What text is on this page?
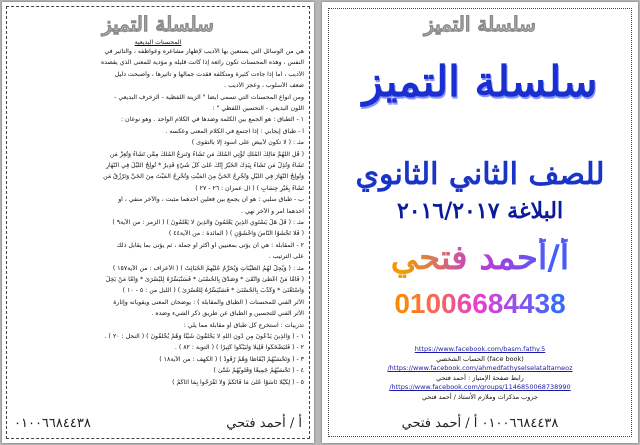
سلسلة التميز
المحسنات البديعية
هي من الوسائل التي يستعين بها الأديب لإظهار مشاعره وعواطفه ، والتأثير في
النفس ، وهذه المحسنات تكون رائعة إذا كانت قليلة و مؤدية للمعنى الذي يقصده
الأديب ، أما إذا جاءت كثيرة ومتكلفة فقدت جمالها و تأثيرها ، وأصبحت دليل
ضعف الأسلوب ، وعجز الأديب .
ومن أنواع المحسنات التي تسمى أيضاً " الزينة اللفظية - الزخرف البديعي -
اللون البديعي - التحسين اللفظي " :
١ - الطباق : هو الجمع بين الكلمة وضدها في الكلام الواحد . وهو نوعان :
أ - طباق إيجابي : إذا اجتمع في الكلام المعنى وعكسه .
مثـ : ( لا تكون لأبيض على أسود إلا بالتقوى )
( قُلِ اللَّهُمَّ مَالِكَ الْمُلْكِ تُؤْتِي الْمُلْكَ مَن تَشَاءُ وَتَنزِعُ الْمُلْكَ مِمَّن تَشَاءُ وَتُعِزُّ مَن
تَشَاءُ وَتُذِلُّ مَن تَشَاءُ بِيَدِكَ الْخَيْرُ إِنَّكَ عَلَىٰ كُلِّ شَيْءٍ قَدِيرٌ * تُولِجُ اللَّيْلَ فِي النَّهَارِ
وَتُولِجُ النَّهَارَ فِي اللَّيْلِ وَتُخْرِجُ الْحَيَّ مِنَ الْمَيِّتِ وَتُخْرِجُ الْمَيِّتَ مِنَ الْحَيِّ وَتَرْزُقُ مَن
تَشَاءُ بِغَيْرِ حِسَابٍ ) ( آل عمران : ٢٦ - ٢٧ )
ب - طباق سلبي : هو أن يجمع بين فعلين أحدهما مثبت ، والآخر منفي ، أو
أحدهما أمر و الآخر نهي .
مثـ : ( قُلْ هَلْ يَسْتَوِي الَّذِينَ يَعْلَمُونَ وَالَّذِينَ لَا يَعْلَمُونَ ) ( الزمر : من الآية٩ )
( فَلَا تَخْشَوُا النَّاسَ وَاخْشَوْنِ ) ( المائدة : من الآية٤٤ )
٢ - المقابلة : هي أن يؤتى بمعنيين أو أكثر أو جملة ، ثم يؤتى بما يقابل ذلك
على الترتيب .
مثـ : ( وَيُحِلُّ لَهُمُ الطَّيِّبَاتِ وَيُحَرِّمُ عَلَيْهِمُ الْخَبَائِثَ ) ( الأعراف : من الآية١٥٧ )
( فَأَمَّا مَنْ أَعْطَىٰ وَاتَّقَىٰ * وَصَدَّقَ بِالْحُسْنَىٰ * فَسَنُيَسِّرُهُ لِلْيُسْرَىٰ * وَأَمَّا مَنْ بَخِلَ
وَاسْتَغْنَىٰ * وَكَذَّبَ بِالْحُسْنَىٰ * فَسَنُيَسِّرُهُ لِلْعُسْرَىٰ ) ( الليل من : ٥ - ١٠ )
الأثر الفني للمحسنات ( الطباق والمقابلة ) : يوضحان المعنى ويقويانه وإثارة
الأثر الفني للتحسين و الطباق عن طريق ذكر الشيء وضده .
تدريبات : استخرج كل طباق أو مقابلة مما يلي :
١ - ( وَالَّذِينَ يَدْعُونَ مِن دُونِ اللَّهِ لَا يَخْلُقُونَ شَيْئًا وَهُمْ يُخْلَقُونَ ) ( النحل : ٢٠ ) .
٢ - ( فَلْيَضْحَكُوا قَلِيلًا وَلْيَبْكُوا كَثِيرًا ) ( التوبة : ٨٢ ) .
٣ - ( وَتَحْسَبُهُمْ أَيْقَاظًا وَهُمْ رُقُودٌ ) ( الكهف : من الآية١٨ )
٤ - ( تَحْسَبُهُمْ جَمِيعًا وَقُلُوبُهُمْ شَتَّىٰ )
٥ - ( لِكَيْلَا تَأْسَوْا عَلَىٰ مَا فَاتَكُمْ وَلَا تَفْرَحُوا بِمَا آتَاكُمْ )
أ / أحمد فتحي
٠١٠٠٦٦٨٤٤٣٨
سلسلة التميز
سلسلة التميز
للصف الثاني الثانوي
البلاغة ٢٠١٦/٢٠١٧
أ/أحمد فتحي
01006684438
https://www.facebook.com/basm.fathy.5
الحساب الشخصي (face book)
/https://www.facebook.com/ahmedfathyselselataltameoz
رابط صفحة الإمتياز : أحمد فتحي
/https://www.facebook.com/groups/1146850068738990
جروب مذكرات وملازم الأستاذ / أحمد فتحي
٠١٠٠٦٦٨٤٤٣٨ أ / أحمد فتحي
